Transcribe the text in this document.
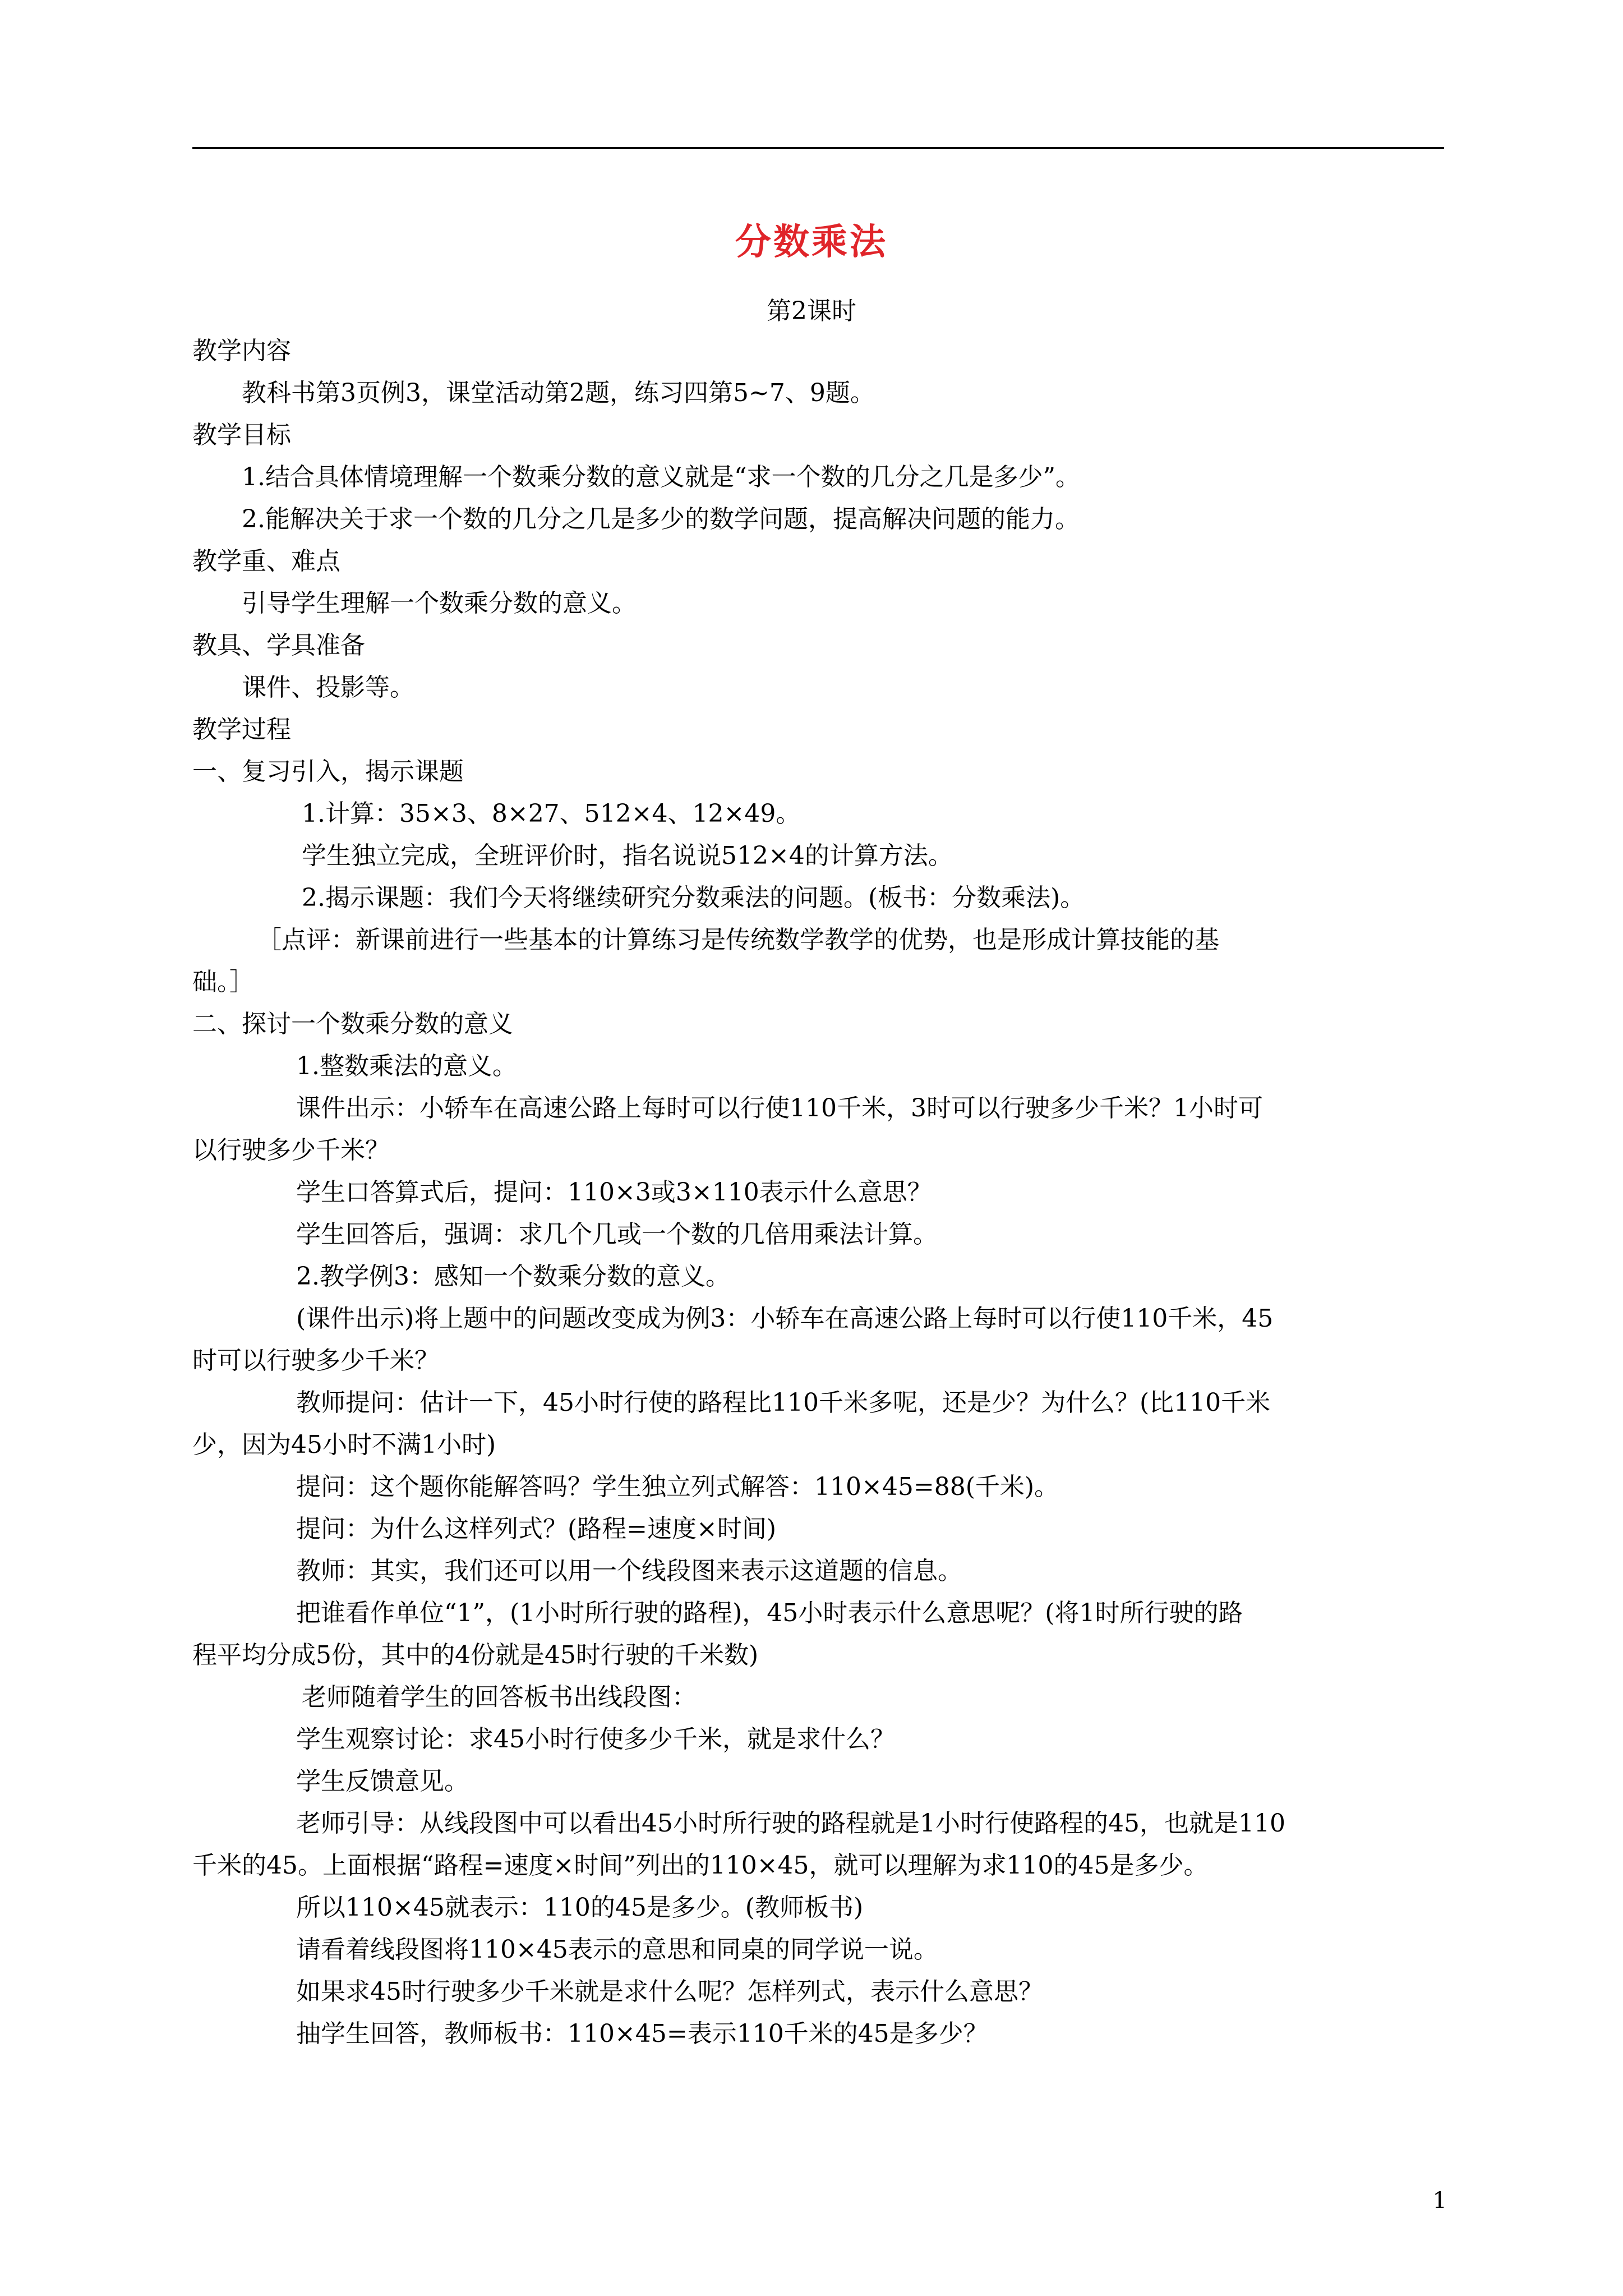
分数乘法
第2课时
教学内容
教科书第3页例3，课堂活动第2题，练习四第5~7、9题。
教学目标
1.结合具体情境理解一个数乘分数的意义就是“求一个数的几分之几是多少”。
2.能解决关于求一个数的几分之几是多少的数学问题，提高解决问题的能力。
教学重、难点
引导学生理解一个数乘分数的意义。
教具、学具准备
课件、投影等。
教学过程
一、复习引入，揭示课题
1.计算：35×3、8×27、512×4、12×49。
学生独立完成，全班评价时，指名说说512×4的计算方法。
2.揭示课题：我们今天将继续研究分数乘法的问题。(板书：分数乘法)。
［点评：新课前进行一些基本的计算练习是传统数学教学的优势，也是形成计算技能的基
础。］
二、探讨一个数乘分数的意义
1.整数乘法的意义。
课件出示：小轿车在高速公路上每时可以行使110千米，3时可以行驶多少千米？1小时可
以行驶多少千米？
学生口答算式后，提问：110×3或3×110表示什么意思？
学生回答后，强调：求几个几或一个数的几倍用乘法计算。
2.教学例3：感知一个数乘分数的意义。
(课件出示)将上题中的问题改变成为例3：小轿车在高速公路上每时可以行使110千米，45
时可以行驶多少千米？
教师提问：估计一下，45小时行使的路程比110千米多呢，还是少？为什么？(比110千米
少，因为45小时不满1小时)
提问：这个题你能解答吗？学生独立列式解答：110×45=88(千米)。
提问：为什么这样列式？(路程=速度×时间)
教师：其实，我们还可以用一个线段图来表示这道题的信息。
把谁看作单位“1”，(1小时所行驶的路程)，45小时表示什么意思呢？(将1时所行驶的路
程平均分成5份，其中的4份就是45时行驶的千米数)
老师随着学生的回答板书出线段图：
学生观察讨论：求45小时行使多少千米，就是求什么？
学生反馈意见。
老师引导：从线段图中可以看出45小时所行驶的路程就是1小时行使路程的45，也就是110
千米的45。上面根据“路程=速度×时间”列出的110×45，就可以理解为求110的45是多少。
所以110×45就表示：110的45是多少。(教师板书)
请看着线段图将110×45表示的意思和同桌的同学说一说。
如果求45时行驶多少千米就是求什么呢？怎样列式，表示什么意思？
抽学生回答，教师板书：110×45=表示110千米的45是多少？
1
